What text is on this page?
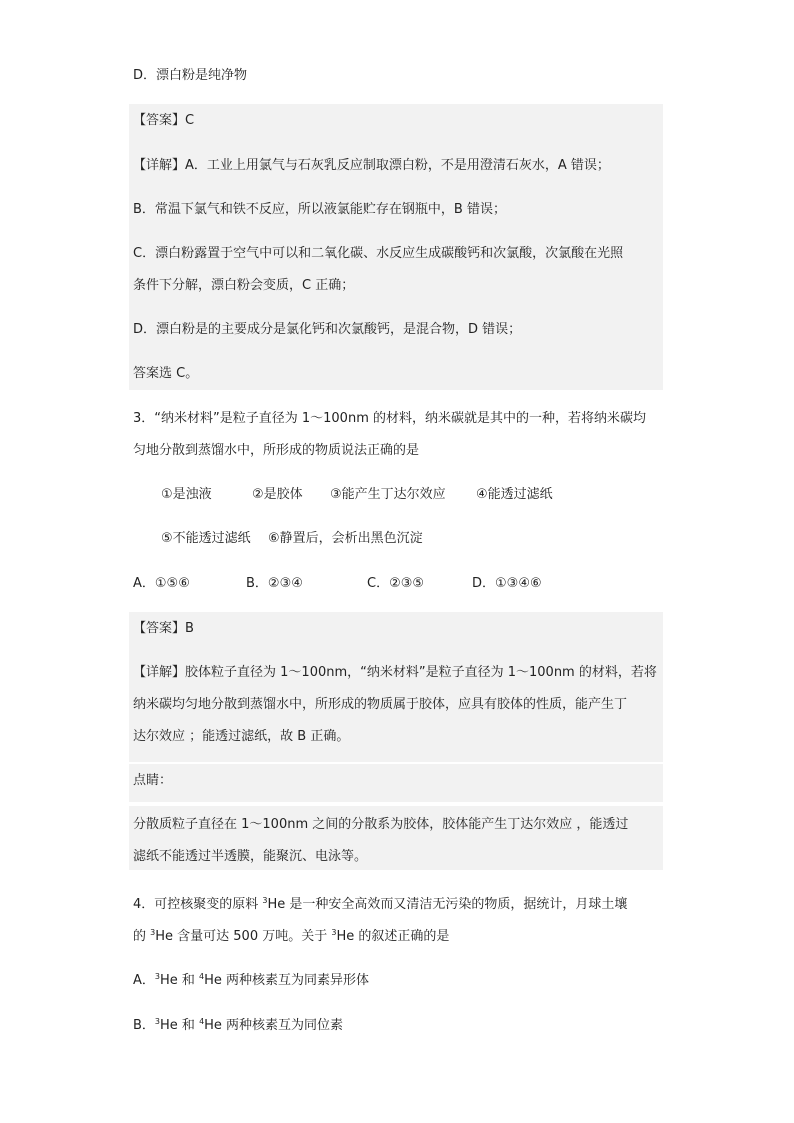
D．漂白粉是纯净物
【答案】C
【详解】A．工业上用氯气与石灰乳反应制取漂白粉，不是用澄清石灰水，A 错误；
B．常温下氯气和铁不反应，所以液氯能贮存在钢瓶中，B 错误；
C．漂白粉露置于空气中可以和二氧化碳、水反应生成碳酸钙和次氯酸，次氯酸在光照
条件下分解，漂白粉会变质，C 正确；
D．漂白粉是的主要成分是氯化钙和次氯酸钙，是混合物，D 错误；
答案选 C。
3．“纳米材料”是粒子直径为 1～100nm 的材料，纳米碳就是其中的一种，若将纳米碳均
匀地分散到蒸馏水中，所形成的物质说法正确的是
①是浊液	②是胶体 ③能产生丁达尔效应 ④能透过滤纸
⑤不能透过滤纸 ⑥静置后，会析出黑色沉淀
A．①⑤⑥	B．②③④	C．②③⑤	D．①③④⑥
【答案】B
【详解】胶体粒子直径为 1～100nm，“纳米材料”是粒子直径为 1～100nm 的材料，若将
纳米碳均匀地分散到蒸馏水中，所形成的物质属于胶体，应具有胶体的性质，能产生丁
达尔效应 ；能透过滤纸，故 B 正确。
点睛：
分散质粒子直径在 1～100nm 之间的分散系为胶体，胶体能产生丁达尔效应 ，能透过
滤纸不能透过半透膜，能聚沉、电泳等。
4．可控核聚变的原料 $^3$He 是一种安全高效而又清洁无污染的物质，据统计，月球土壤
的 $^3$He 含量可达 500 万吨。关于 $^3$He 的叙述正确的是
A．$^3$He 和 $^4$He 两种核素互为同素异形体
B．$^3$He 和 $^4$He 两种核素互为同位素
